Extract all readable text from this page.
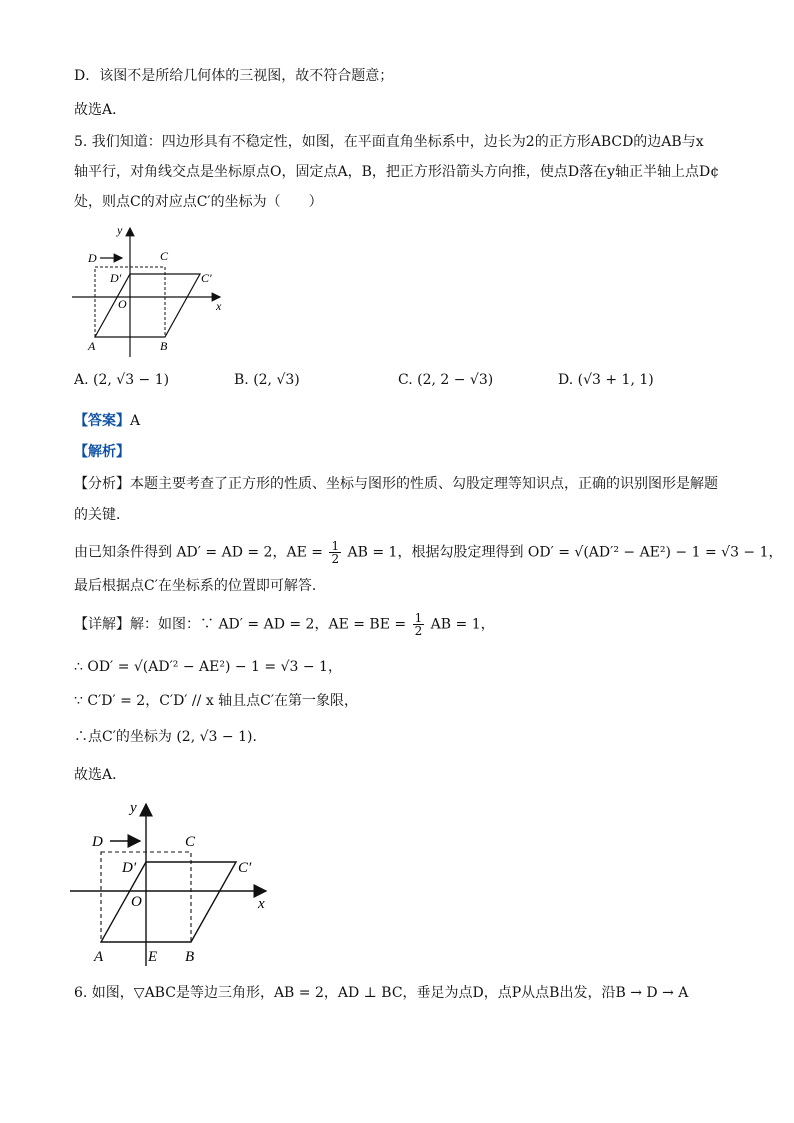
D．该图不是所给几何体的三视图，故不符合题意；
故选A．
5. 我们知道：四边形具有不稳定性，如图，在平面直角坐标系中，边长为2的正方形ABCD的边AB与x
轴平行，对角线交点是坐标原点O，固定点A，B，把正方形沿箭头方向推，使点D落在y轴正半轴上点D¢
处，则点C的对应点C′的坐标为（　　）
y
D	C
D′	C′
O	x
A	B
A. (2, √3 − 1)	B. (2, √3)	C. (2, 2 − √3)	D. (√3 + 1, 1)
【答案】A
【解析】
【分析】本题主要考查了正方形的性质、坐标与图形的性质、勾股定理等知识点，正确的识别图形是解题
的关键．
由已知条件得到 AD′ = AD = 2，AE = $\frac{1}{2}$ AB = 1，根据勾股定理得到 OD′ = √(AD′² − AE²) − 1 = √3 − 1，
最后根据点C′在坐标系的位置即可解答．
【详解】解：如图：∵ AD′ = AD = 2，AE = BE = $\frac{1}{2}$ AB = 1，
∴ OD′ = √(AD′² − AE²) − 1 = √3 − 1，
∵ C′D′ = 2，C′D′ // x 轴且点C′在第一象限，
∴点C′的坐标为 (2, √3 − 1)．
故选A．
y
D	C
D′	C′
O	x
A	E B
6. 如图，▽ABC是等边三角形，AB = 2，AD ⊥ BC，垂足为点D，点P从点B出发，沿B → D → A
